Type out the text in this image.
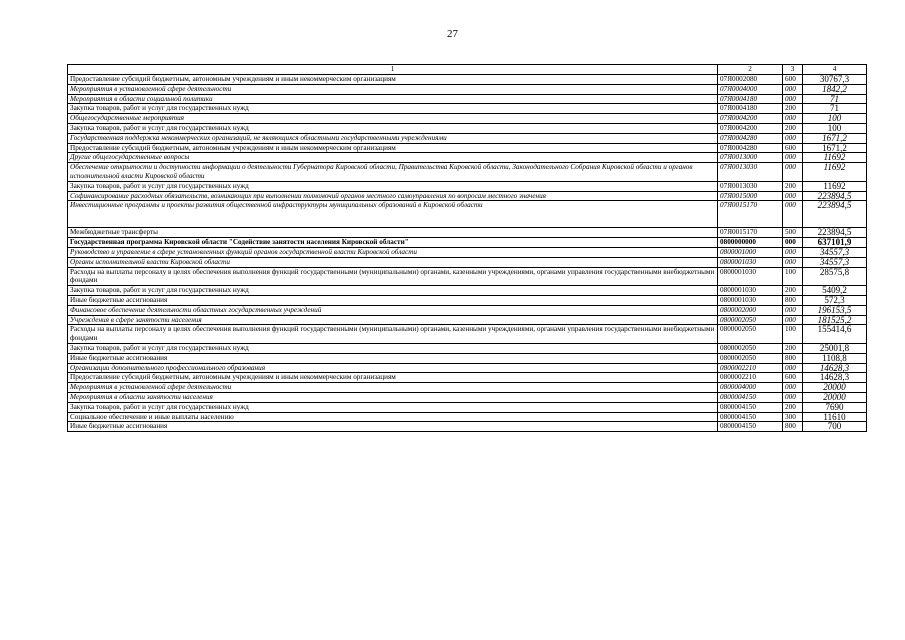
27
1	2	3	4
Предоставление субсидий бюджетным, автономным учреждениям и иным некоммерческим организациям	07Я0002080	600	30767,3
Мероприятия в установленной сфере деятельности	07Я0004000	000	1842,2
Мероприятия в области социальной политики	07Я0004180	000	71
Закупка товаров, работ и услуг для государственных нужд	07Я0004180	200	71
Общегосударственные мероприятия	07Я0004200	000	100
Закупка товаров, работ и услуг для государственных нужд	07Я0004200	200	100
Государственная поддержка некоммерческих организаций, не являющихся областными государственными учреждениями	07Я0004280	000	1671,2
Предоставление субсидий бюджетным, автономным учреждениям и иным некоммерческим организациям	07Я0004280	600	1671,2
Другие общегосударственные вопросы	07Я0013000	000	11692
Обеспечение открытости и доступности информации о деятельности Губернатора Кировской области, Правительства Кировской области, Законодательного Собрания Кировской области и органов исполнительной власти Кировской области	07Я0013030	000	11692
Закупка товаров, работ и услуг для государственных нужд	07Я0013030	200	11692
Софинансирование расходных обязательств, возникающих при выполнении полномочий органов местного самоуправления по вопросам местного значения	07Я0015000	000	223894,5
Инвестиционные программы и проекты развития общественной инфраструктуры муниципальных образований в Кировской области	07Я0015170	000	223894,5
Межбюджетные трансферты	07Я0015170	500	223894,5
Государственная программа Кировской области "Содействие занятости населения Кировской области"	0800000000	000	637101,9
Руководство и управление в сфере установленных функций органов государственной власти Кировской области	0800001000	000	34557,3
Органы исполнительной власти Кировской области	0800001030	000	34557,3
Расходы на выплаты персоналу в целях обеспечения выполнения функций государственными (муниципальными) органами, казенными учреждениями, органами управления государственными внебюджетными фондами	0800001030	100	28575,8
Закупка товаров, работ и услуг для государственных нужд	0800001030	200	5409,2
Иные бюджетные ассигнования	0800001030	800	572,3
Финансовое обеспечение деятельности областных государственных учреждений	0800002000	000	196153,5
Учреждения в сфере занятости населения	0800002050	000	181525,2
Расходы на выплаты персоналу в целях обеспечения выполнения функций государственными (муниципальными) органами, казенными учреждениями, органами управления государственными внебюджетными фондами	0800002050	100	155414,6
Закупка товаров, работ и услуг для государственных нужд	0800002050	200	25001,8
Иные бюджетные ассигнования	0800002050	800	1108,8
Организации дополнительного профессионального образования	0800002210	000	14628,3
Предоставление субсидий бюджетным, автономным учреждениям и иным некоммерческим организациям	0800002210	600	14628,3
Мероприятия в установленной сфере деятельности	0800004000	000	20000
Мероприятия в области занятости населения	0800004150	000	20000
Закупка товаров, работ и услуг для государственных нужд	0800004150	200	7690
Социальное обеспечение и иные выплаты населению	0800004150	300	11610
Иные бюджетные ассигнования	0800004150	800	700
